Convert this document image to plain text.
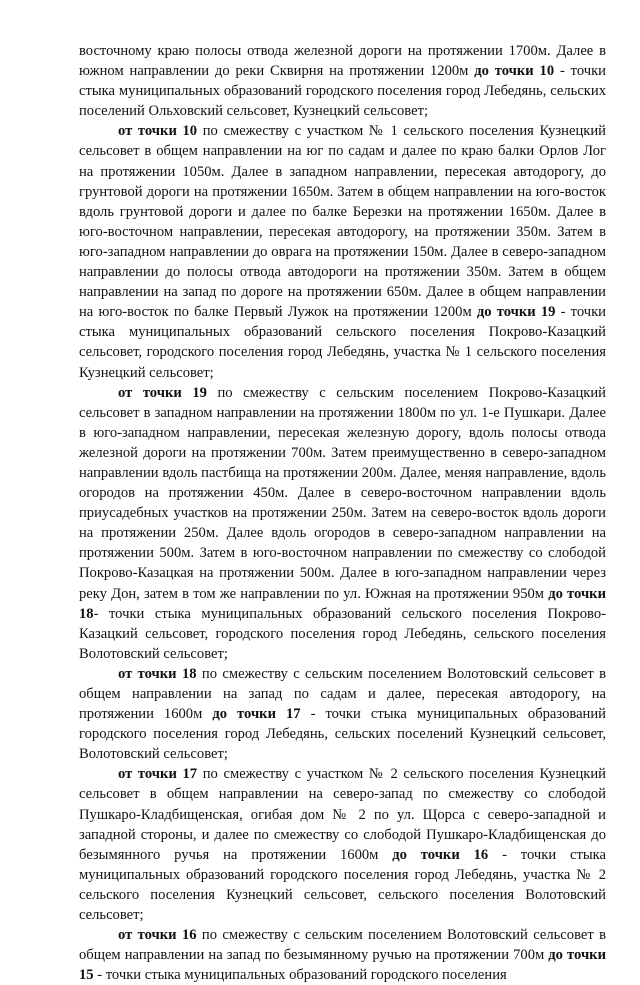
восточному краю полосы отвода железной дороги на протяжении 1700м. Далее в южном направлении до реки Сквирня на протяжении 1200м до точки 10 - точки стыка муниципальных образований городского поселения город Лебедянь, сельских поселений Ольховский сельсовет, Кузнецкий сельсовет;

от точки 10 по смежеству с участком № 1 сельского поселения Кузнецкий сельсовет в общем направлении на юг по садам и далее по краю балки Орлов Лог на протяжении 1050м. Далее в западном направлении, пересекая автодорогу, до грунтовой дороги на протяжении 1650м. Затем в общем направлении на юго-восток вдоль грунтовой дороги и далее по балке Березки на протяжении 1650м. Далее в юго-восточном направлении, пересекая автодорогу, на протяжении 350м. Затем в юго-западном направлении до оврага на протяжении 150м. Далее в северо-западном направлении до полосы отвода автодороги на протяжении 350м. Затем в общем направлении на запад по дороге на протяжении 650м. Далее в общем направлении на юго-восток по балке Первый Лужок на протяжении 1200м до точки 19 - точки стыка муниципальных образований сельского поселения Покрово-Казацкий сельсовет, городского поселения город Лебедянь, участка № 1 сельского поселения Кузнецкий сельсовет;

от точки 19 по смежеству с сельским поселением Покрово-Казацкий сельсовет в западном направлении на протяжении 1800м по ул. 1-е Пушкари. Далее в юго-западном направлении, пересекая железную дорогу, вдоль полосы отвода железной дороги на протяжении 700м. Затем преимущественно в северо-западном направлении вдоль пастбища на протяжении 200м. Далее, меняя направление, вдоль огородов на протяжении 450м. Далее в северо-восточном направлении вдоль приусадебных участков на протяжении 250м. Затем на северо-восток вдоль дороги на протяжении 250м. Далее вдоль огородов в северо-западном направлении на протяжении 500м. Затем в юго-восточном направлении по смежеству со слободой Покрово-Казацкая на протяжении 500м. Далее в юго-западном направлении через реку Дон, затем в том же направлении по ул. Южная на протяжении 950м до точки 18- точки стыка муниципальных образований сельского поселения Покрово-Казацкий сельсовет, городского поселения город Лебедянь, сельского поселения Волотовский сельсовет;

от точки 18 по смежеству с сельским поселением Волотовский сельсовет в общем направлении на запад по садам и далее, пересекая автодорогу, на протяжении 1600м до точки 17 - точки стыка муниципальных образований городского поселения город Лебедянь, сельских поселений Кузнецкий сельсовет, Волотовский сельсовет;

от точки 17 по смежеству с участком № 2 сельского поселения Кузнецкий сельсовет в общем направлении на северо-запад по смежеству со слободой Пушкаро-Кладбищенская, огибая дом № 2 по ул. Щорса с северо-западной и западной стороны, и далее по смежеству со слободой Пушкаро-Кладбищенская до безымянного ручья на протяжении 1600м до точки 16 - точки стыка муниципальных образований городского поселения город Лебедянь, участка № 2 сельского поселения Кузнецкий сельсовет, сельского поселения Волотовский сельсовет;

от точки 16 по смежеству с сельским поселением Волотовский сельсовет в общем направлении на запад по безымянному ручью на протяжении 700м до точки 15 - точки стыка муниципальных образований городского поселения
